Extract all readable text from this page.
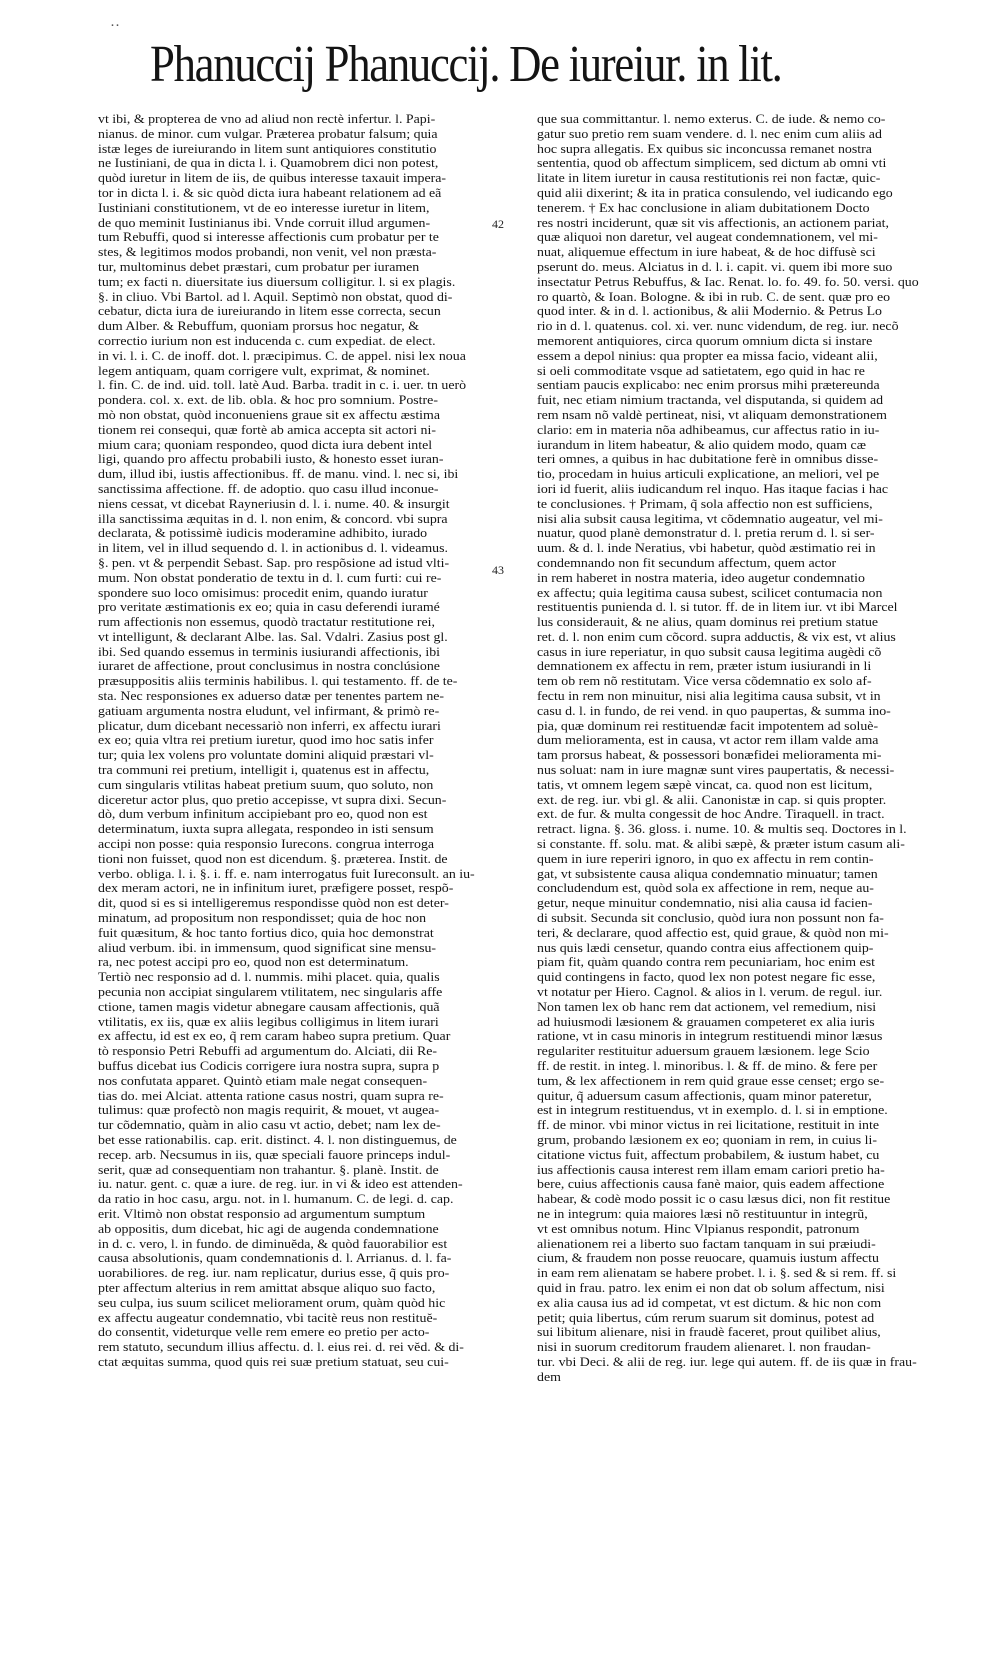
··
Phanuccij Phanuccij. De iureiur. in lit.
42
43

vt ibi, & propterea de vno ad aliud non rectè infertur. l. Papi-

nianus. de minor. cum vulgar. Præterea probatur falsum; quia

istæ leges de iureiurando in litem sunt antiquiores constitutio

ne Iustiniani, de qua in dicta l. i. Quamobrem dici non potest,

quòd iuretur in litem de iis, de quibus interesse taxauit impera-

tor in dicta l. i. & sic quòd dicta iura habeant relationem ad eã

Iustiniani constitutionem, vt de eo interesse iuretur in litem,

de quo meminit Iustinianus ibi. Vnde corruit illud argumen-

tum Rebuffi, quod si interesse affectionis cum probatur per te

stes, & legitimos modos probandi, non venit, vel non præsta-

tur, multominus debet præstari, cum probatur per iuramen

tum; ex facti n. diuersitate ius diuersum colligitur. l. si ex plagis.

§. in cliuo. Vbi Bartol. ad l. Aquil. Septimò non obstat, quod di-

cebatur, dicta iura de iureiurando in litem esse correcta, secun

dum Alber. & Rebuffum, quoniam prorsus hoc negatur, &

correctio iurium non est inducenda c. cum expediat. de elect.

in vi. l. i. C. de inoff. dot. l. præcipimus. C. de appel. nisi lex noua

legem antiquam, quam corrigere vult, exprimat, & nominet.

l. fin. C. de ind. uid. toll. latè Aud. Barba. tradit in c. i. uer. tn uerò

pondera. col. x. ext. de lib. obla. & hoc pro somnium. Postre-

mò non obstat, quòd inconueniens graue sit ex affectu æstima

tionem rei consequi, quæ fortè ab amica accepta sit actori ni-

mium cara; quoniam respondeo, quod dicta iura debent intel

ligi, quando pro affectu probabili iusto, & honesto esset iuran-

dum, illud ibi, iustis affectionibus. ff. de manu. vind. l. nec si, ibi

sanctissima affectione. ff. de adoptio. quo casu illud inconue-

niens cessat, vt dicebat Rayneriusin d. l. i. nume. 40. & insurgit

illa sanctissima æquitas in d. l. non enim, & concord. vbi supra

declarata, & potissimè iudicis moderamine adhibito, iurado

in litem, vel in illud sequendo d. l. in actionibus d. l. videamus.

§. pen. vt & perpendit Sebast. Sap. pro respõsione ad istud vlti-

mum. Non obstat ponderatio de textu in d. l. cum furti: cui re-

spondere suo loco omisimus: procedit enim, quando iuratur

pro veritate æstimationis ex eo; quia in casu deferendi iuramé

rum affectionis non essemus, quodò tractatur restitutione rei,

vt intelligunt, & declarant Albe. las. Sal. Vdalri. Zasius post gl.

ibi. Sed quando essemus in terminis iusiurandi affectionis, ibi

iuraret de affectione, prout conclusimus in nostra conclúsione

præsuppositis aliis terminis habilibus. l. qui testamento. ff. de te-

sta. Nec responsiones ex aduerso datæ per tenentes partem ne-

gatiuam argumenta nostra eludunt, vel infirmant, & primò re-

plicatur, dum dicebant necessariò non inferri, ex affectu iurari

ex eo; quia vltra rei pretium iuretur, quod imo hoc satis infer

tur; quia lex volens pro voluntate domini aliquid præstari vl-

tra communi rei pretium, intelligit i, quatenus est in affectu,

cum singularis vtilitas habeat pretium suum, quo soluto, non

diceretur actor plus, quo pretio accepisse, vt supra dixi. Secun-

dò, dum verbum infinitum accipiebant pro eo, quod non est

determinatum, iuxta supra allegata, respondeo in isti sensum

accipi non posse: quia responsio Iurecons. congrua interroga

tioni non fuisset, quod non est dicendum. §. præterea. Instit. de

verbo. obliga. l. i. §. i. ff. e. nam interrogatus fuit Iureconsult. an iu-

dex meram actori, ne in infinitum iuret, præfigere posset, respõ-

dit, quod si es si intelligeremus respondisse quòd non est deter-

minatum, ad propositum non respondisset; quia de hoc non

fuit quæsitum, & hoc tanto fortius dico, quia hoc demonstrat

aliud verbum. ibi. in immensum, quod significat sine mensu-

ra, nec potest accipi pro eo, quod non est determinatum.

Tertiò nec responsio ad d. l. nummis. mihi placet. quia, qualis

pecunia non accipiat singularem vtilitatem, nec singularis affe

ctione, tamen magis videtur abnegare causam affectionis, quã

vtilitatis, ex iis, quæ ex aliis legibus colligimus in litem iurari

ex affectu, id est ex eo, q̃ rem caram habeo supra pretium. Quar

tò responsio Petri Rebuffi ad argumentum do. Alciati, dii Re-

buffus dicebat ius Codicis corrigere iura nostra supra, supra p

nos confutata apparet. Quintò etiam male negat consequen-

tias do. mei Alciat. attenta ratione casus nostri, quam supra re-

tulimus: quæ profectò non magis requirit, & mouet, vt augea-

tur cõdemnatio, quàm in alio casu vt actio, debet; nam lex de-

bet esse rationabilis. cap. erit. distinct. 4. l. non distinguemus, de

recep. arb. Necsumus in iis, quæ speciali fauore princeps indul-

serit, quæ ad consequentiam non trahantur. §. planè. Instit. de

iu. natur. gent. c. quæ a iure. de reg. iur. in vi & ideo est attenden-

da ratio in hoc casu, argu. not. in l. humanum. C. de legi. d. cap.

erit. Vltimò non obstat responsio ad argumentum sumptum

ab oppositis, dum dicebat, hic agi de augenda condemnatione

in d. c. vero, l. in fundo. de diminuĕda, & quòd fauorabilior est

causa absolutionis, quam condemnationis d. l. Arrianus. d. l. fa-

uorabiliores. de reg. iur. nam replicatur, durius esse, q̃ quis pro-

pter affectum alterius in rem amittat absque aliquo suo facto,

seu culpa, ius suum scilicet meliorament orum, quàm quòd hic

ex affectu augeatur condemnatio, vbi tacitè reus non restituĕ-

do consentit, videturque velle rem emere eo pretio per acto-

rem statuto, secundum illius affectu. d. l. eius rei. d. rei vĕd. & di-

ctat æquitas summa, quod quis rei suæ pretium statuat, seu cui-

que sua committantur. l. nemo exterus. C. de iude. & nemo co-

gatur suo pretio rem suam vendere. d. l. nec enim cum aliis ad

hoc supra allegatis. Ex quibus sic inconcussa remanet nostra

sententia, quod ob affectum simplicem, sed dictum ab omni vti

litate in litem iuretur in causa restitutionis rei non factæ, quic-

quid alii dixerint; & ita in pratica consulendo, vel iudicando ego

tenerem. † Ex hac conclusione in aliam dubitationem Docto

res nostri inciderunt, quæ sit vis affectionis, an actionem pariat,

quæ aliquoi non daretur, vel augeat condemnationem, vel mi-

nuat, aliquemue effectum in iure habeat, & de hoc diffusè sci

pserunt do. meus. Alciatus in d. l. i. capit. vi. quem ibi more suo

insectatur Petrus Rebuffus, & Iac. Renat. lo. fo. 49. fo. 50. versi. quo

ro quartò, & Ioan. Bologne. & ibi in rub. C. de sent. quæ pro eo

quod inter. & in d. l. actionibus, & alii Modernio. & Petrus Lo

rio in d. l. quatenus. col. xi. ver. nunc videndum, de reg. iur. necõ

memorent antiquiores, circa quorum omnium dicta si instare

essem a depol ninius: qua propter ea missa facio, videant alii,

si oeli commoditate vsque ad satietatem, ego quid in hac re

sentiam paucis explicabo: nec enim prorsus mihi prætereunda

fuit, nec etiam nimium tractanda, vel disputanda, si quidem ad

rem nsam nõ valdè pertineat, nisi, vt aliquam demonstrationem

clario: em in materia nõa adhibeamus, cur affectus ratio in iu-

iurandum in litem habeatur, & alio quidem modo, quam cæ

teri omnes, a quibus in hac dubitatione ferè in omnibus disse-

tio, procedam in huius articuli explicatione, an meliori, vel pe

iori id fuerit, aliis iudicandum rel inquo. Has itaque facias i hac

te conclusiones. † Primam, q̃ sola affectio non est sufficiens,

nisi alia subsit causa legitima, vt cõdemnatio augeatur, vel mi-

nuatur, quod planè demonstratur d. l. pretia rerum d. l. si ser-

uum. & d. l. inde Neratius, vbi habetur, quòd æstimatio rei in

condemnando non fit secundum affectum, quem actor

in rem haberet in nostra materia, ideo augetur condemnatio

ex affectu; quia legitima causa subest, scilicet contumacia non

restituentis punienda d. l. si tutor. ff. de in litem iur. vt ibi Marcel

lus considerauit, & ne alius, quam dominus rei pretium statue

ret. d. l. non enim cum cõcord. supra adductis, & vix est, vt alius

casus in iure reperiatur, in quo subsit causa legitima augèdi cõ

demnationem ex affectu in rem, præter istum iusiurandi in li

tem ob rem nõ restitutam. Vice versa cõdemnatio ex solo af-

fectu in rem non minuitur, nisi alia legitima causa subsit, vt in

casu d. l. in fundo, de rei vend. in quo paupertas, & summa ino-

pia, quæ dominum rei restituendæ facit impotentem ad soluè-

dum melioramenta, est in causa, vt actor rem illam valde ama

tam prorsus habeat, & possessori bonæfidei melioramenta mi-

nus soluat: nam in iure magnæ sunt vires paupertatis, & necessi-

tatis, vt omnem legem sæpè vincat, ca. quod non est licitum,

ext. de reg. iur. vbi gl. & alii. Canonistæ in cap. si quis propter.

ext. de fur. & multa congessit de hoc Andre. Tiraquell. in tract.

retract. ligna. §. 36. gloss. i. nume. 10. & multis seq. Doctores in l.

si constante. ff. solu. mat. & alibi sæpè, & præter istum casum ali-

quem in iure reperiri ignoro, in quo ex affectu in rem contin-

gat, vt subsistente causa aliqua condemnatio minuatur; tamen

concludendum est, quòd sola ex affectione in rem, neque au-

getur, neque minuitur condemnatio, nisi alia causa id facien-

di subsit. Secunda sit conclusio, quòd iura non possunt non fa-

teri, & declarare, quod affectio est, quid graue, & quòd non mi-

nus quis lædi censetur, quando contra eius affectionem quip-

piam fit, quàm quando contra rem pecuniariam, hoc enim est

quid contingens in facto, quod lex non potest negare fic esse,

vt notatur per Hiero. Cagnol. & alios in l. verum. de regul. iur.

Non tamen lex ob hanc rem dat actionem, vel remedium, nisi

ad huiusmodi læsionem & grauamen competeret ex alia iuris

ratione, vt in casu minoris in integrum restituendi minor læsus

regulariter restituitur aduersum grauem læsionem. lege Scio

ff. de restit. in integ. l. minoribus. l. & ff. de mino. & fere per

tum, & lex affectionem in rem quid graue esse censet; ergo se-

quitur, q̃ aduersum casum affectionis, quam minor pateretur,

est in integrum restituendus, vt in exemplo. d. l. si in emptione.

ff. de minor. vbi minor victus in rei licitatione, restituit in inte

grum, probando læsionem ex eo; quoniam in rem, in cuius li-

citatione victus fuit, affectum probabilem, & iustum habet, cu

ius affectionis causa interest rem illam emam cariori pretio ha-

bere, cuius affectionis causa fanè maior, quis eadem affectione

habear, & codè modo possit ic o casu læsus dici, non fit restitue

ne in integrum: quia maiores læsi nõ restituuntur in integrũ,

vt est omnibus notum. Hinc Vlpianus respondit, patronum

alienationem rei a liberto suo factam tanquam in sui præiudi-

cium, & fraudem non posse reuocare, quamuis iustum affectu

in eam rem alienatam se habere probet. l. i. §. sed & si rem. ff. si

quid in frau. patro. lex enim ei non dat ob solum affectum, nisi

ex alia causa ius ad id competat, vt est dictum. & hic non com

petit; quia libertus, cúm rerum suarum sit dominus, potest ad

sui libitum alienare, nisi in fraudè faceret, prout quilibet alius,

nisi in suorum creditorum fraudem alienaret. l. non fraudan-

tur. vbi Deci. & alii de reg. iur. lege qui autem. ff. de iis quæ in frau-

dem
